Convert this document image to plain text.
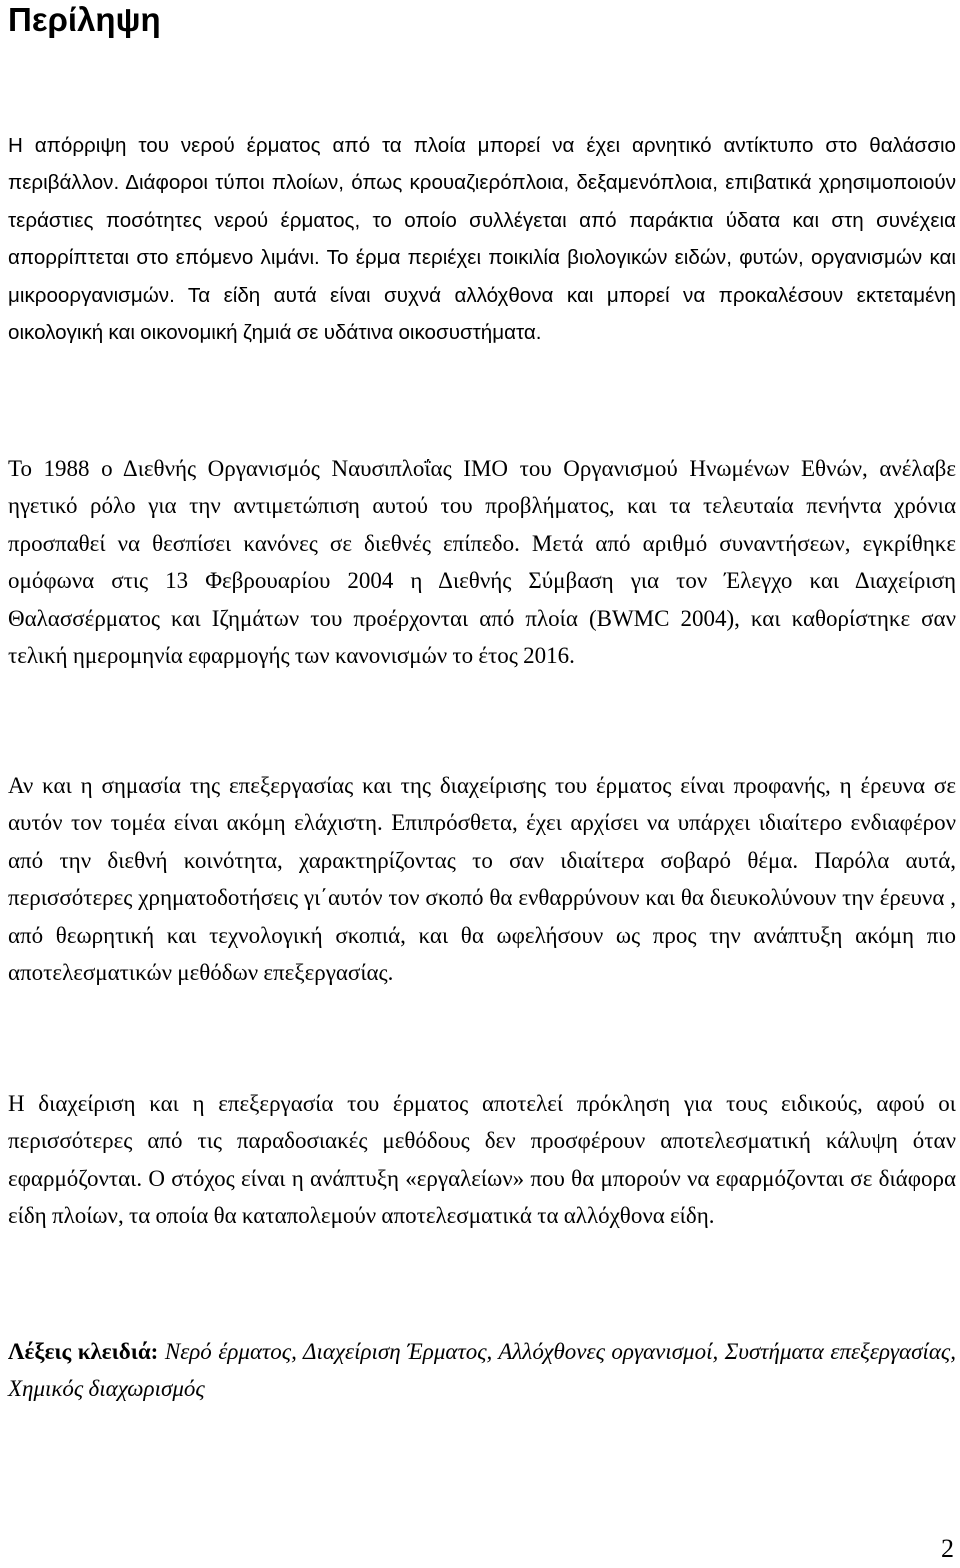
Περίληψη

Η απόρριψη του νερού έρματος από τα πλοία μπορεί να έχει αρνητικό αντίκτυπο στο θαλάσσιο περιβάλλον. Διάφοροι τύποι πλοίων, όπως κρουαζιερόπλοια, δεξαμενόπλοια, επιβατικά χρησιμοποιούν τεράστιες ποσότητες νερού έρματος, το οποίο συλλέγεται από παράκτια ύδατα και στη συνέχεια απορρίπτεται στο επόμενο λιμάνι. Το έρμα περιέχει ποικιλία βιολογικών ειδών, φυτών, οργανισμών και μικροοργανισμών. Τα είδη αυτά είναι συχνά αλλόχθονα και μπορεί να προκαλέσουν εκτεταμένη οικολογική και οικονομική ζημιά σε υδάτινα οικοσυστήματα.

Το 1988 ο Διεθνής Οργανισμός Ναυσιπλοΐας ΙΜΟ του Οργανισμού Ηνωμένων Εθνών, ανέλαβε ηγετικό ρόλο για την αντιμετώπιση αυτού του προβλήματος, και τα τελευταία πενήντα χρόνια προσπαθεί να θεσπίσει κανόνες σε διεθνές επίπεδο. Μετά από αριθμό συναντήσεων, εγκρίθηκε ομόφωνα στις 13 Φεβρουαρίου 2004 η Διεθνής Σύμβαση για τον Έλεγχο και Διαχείριση Θαλασσέρματος και Ιζημάτων του προέρχονται από πλοία (BWMC 2004), και καθορίστηκε σαν τελική ημερομηνία εφαρμογής των κανονισμών το έτος 2016.

Αν και η σημασία της επεξεργασίας και της διαχείρισης του έρματος είναι προφανής, η έρευνα σε αυτόν τον τομέα είναι ακόμη ελάχιστη. Επιπρόσθετα, έχει αρχίσει να υπάρχει ιδιαίτερο ενδιαφέρον από την διεθνή κοινότητα, χαρακτηρίζοντας το σαν ιδιαίτερα σοβαρό θέμα. Παρόλα αυτά, περισσότερες χρηματοδοτήσεις γι΄αυτόν τον σκοπό θα ενθαρρύνουν και θα διευκολύνουν την έρευνα , από θεωρητική και τεχνολογική σκοπιά, και θα ωφελήσουν ως προς την ανάπτυξη ακόμη πιο αποτελεσματικών μεθόδων επεξεργασίας.

Η διαχείριση και η επεξεργασία του έρματος αποτελεί πρόκληση για τους ειδικούς, αφού οι περισσότερες από τις παραδοσιακές μεθόδους δεν προσφέρουν αποτελεσματική κάλυψη όταν εφαρμόζονται. Ο στόχος είναι η ανάπτυξη «εργαλείων» που θα μπορούν να εφαρμόζονται σε διάφορα είδη πλοίων, τα οποία θα καταπολεμούν αποτελεσματικά τα αλλόχθονα είδη.

Λέξεις κλειδιά: Νερό έρματος, Διαχείριση Έρματος, Αλλόχθονες οργανισμοί, Συστήματα επεξεργασίας, Χημικός διαχωρισμός

2
